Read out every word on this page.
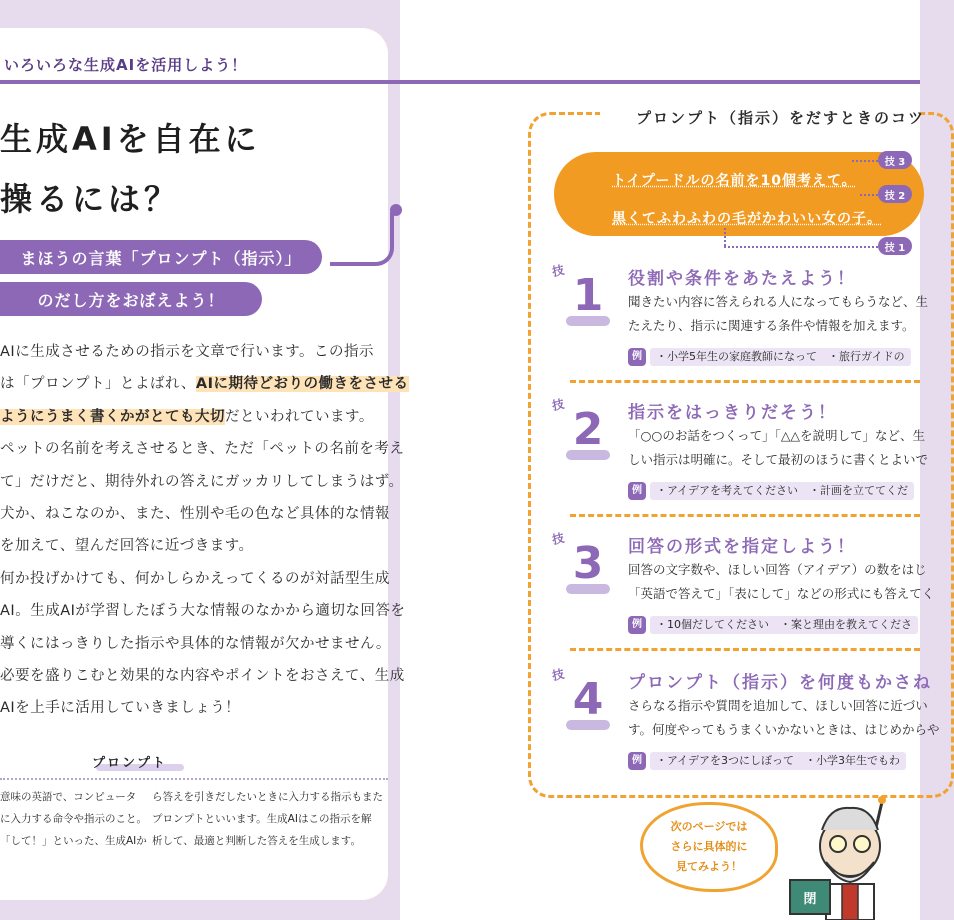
いろいろな生成AIを活用しよう！
生成AIを自在に
操るには？
まほうの言葉「プロンプト（指示）」
のだし方をおぼえよう！
AIに生成させるための指示を文章で行います。この指示
は「プロンプト」とよばれ、AIに期待どおりの働きをさせる
ようにうまく書くかがとても大切だといわれています。
ペットの名前を考えさせるとき、ただ「ペットの名前を考え
て」だけだと、期待外れの答えにガッカリしてしまうはず。
犬か、ねこなのか、また、性別や毛の色など具体的な情報
を加えて、望んだ回答に近づきます。
何か投げかけても、何かしらかえってくるのが対話型生成
AI。生成AIが学習したぼう大な情報のなかから適切な回答を
導くにはっきりした指示や具体的な情報が欠かせません。
必要を盛りこむと効果的な内容やポイントをおさえて、生成
AIを上手に活用していきましょう！
プロンプト
意味の英語で、コンピュータ
に入力する命令や指示のこと。
「して！」といった、生成AIか
ら答えを引きだしたいときに入力する指示もまた
プロンプトといいます。生成AIはこの指示を解
析して、最適と判断した答えを生成します。
プロンプト（指示）をだすときのコツ
トイプードルの名前を10個考えて。
黒くてふわふわの毛がかわいい女の子。
技 3
技 2
技 1
技 1	役割や条件をあたえよう！
聞きたい内容に答えられる人になってもらうなど、生
たえたり、指示に関連する条件や情報を加えます。
例 ・小学5年生の家庭教師になって　・旅行ガイドの
技 2	指示をはっきりだそう！
「○○のお話をつくって」「△△を説明して」など、生
しい指示は明確に。そして最初のほうに書くとよいで
例 ・アイデアを考えてください　・計画を立ててくだ
技 3	回答の形式を指定しよう！
回答の文字数や、ほしい回答（アイデア）の数をはじ
「英語で答えて」「表にして」などの形式にも答えてく
例 ・10個だしてください　・案と理由を教えてくださ
技 4	プロンプト（指示）を何度もかさね
さらなる指示や質問を追加して、ほしい回答に近づい
す。何度やってもうまくいかないときは、はじめからや
例 ・アイデアを3つにしぼって　・小学3年生でもわ
次のページでは
さらに具体的に
見てみよう！
閉
